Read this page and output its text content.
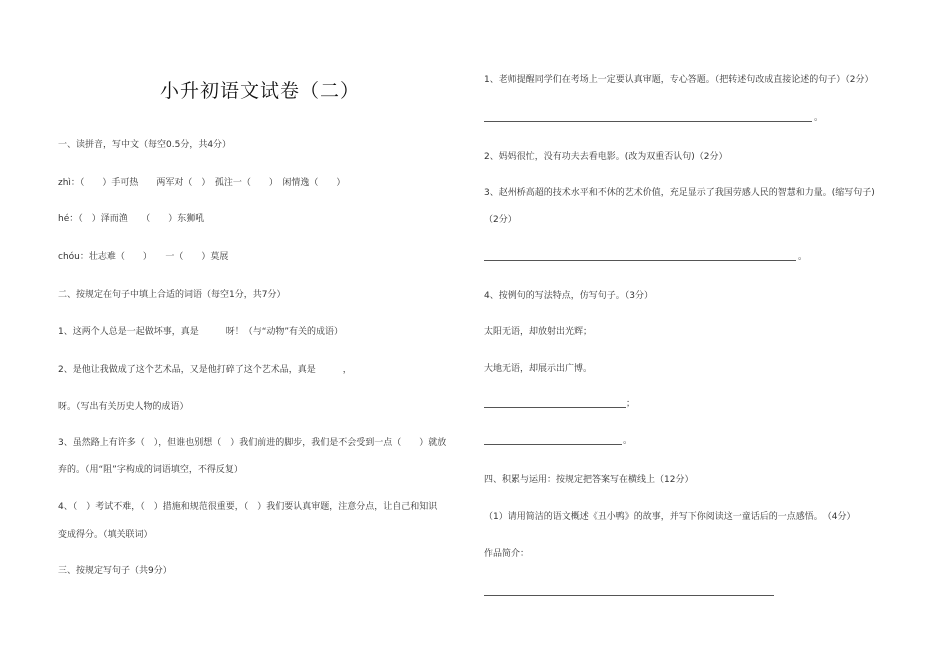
小升初语文试卷（二）
一、读拼音，写中文（每空0.5分，共4分）
zhì：（　　）手可热　　两军对（　）　孤注一（　　）　闲情逸（　　）
hé：（　）泽而渔　　（　　）东狮吼
chóu：壮志难（　　）　　一（　　）莫展
二、按规定在句子中填上合适的词语（每空1分，共7分）
1、这两个人总是一起做坏事，真是　　　呀！（与“动物”有关的成语）
2、是他让我做成了这个艺术品，又是他打碎了这个艺术品，真是　　　，
呀。（写出有关历史人物的成语）
3、虽然路上有许多（　），但谁也别想（　）我们前进的脚步，我们是不会受到一点（　　）就放
弃的。（用“阻”字构成的词语填空，不得反复）
4、（　）考试不难，（　）措施和规范很重要，（　）我们要认真审题，注意分点，让自己和知识
变成得分。（填关联词）
三、按规定写句子（共9分）
1、老师提醒同学们在考场上一定要认真审题，专心答题。（把转述句改成直接论述的句子）（2分）
。
2、妈妈很忙，没有功夫去看电影。(改为双重否认句)（2分）
3、赵州桥高超的技术水平和不休的艺术价值，充足显示了我国劳感人民的智慧和力量。(缩写句子)
（2分）
。
4、按例句的写法特点，仿写句子。（3分）
太阳无语，却放射出光辉；
大地无语，却展示出广博。
；
。
四、积累与运用：按规定把答案写在横线上（12分）
（1）请用简洁的语文概述《丑小鸭》的故事，并写下你阅读这一童话后的一点感悟。　（4分）
作品简介：
